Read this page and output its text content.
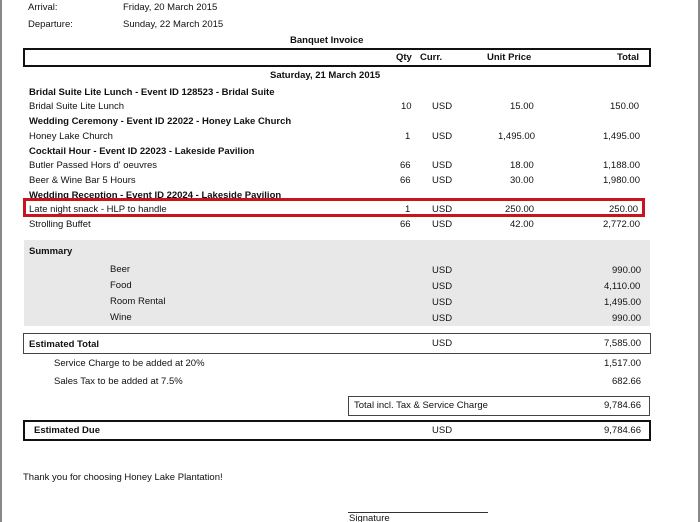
Arrival:	Friday, 20 March 2015
Departure:	Sunday, 22 March 2015
Banquet Invoice
Qty Curr.	Unit Price	Total
Saturday, 21 March 2015
Bridal Suite Lite Lunch - Event ID 128523 - Bridal Suite
Bridal Suite Lite Lunch	10 USD	15.00	150.00
Wedding Ceremony - Event ID 22022 - Honey Lake Church
Honey Lake Church	1 USD	1,495.00	1,495.00
Cocktail Hour - Event ID 22023 - Lakeside Pavilion
Butler Passed Hors d' oeuvres	66 USD	18.00	1,188.00
Beer & Wine Bar 5 Hours	66 USD	30.00	1,980.00
Wedding Reception - Event ID 22024 - Lakeside Pavilion
Late night snack - HLP to handle	1 USD	250.00	250.00
Strolling Buffet	66 USD	42.00	2,772.00
Summary
Beer	USD	990.00
Food	USD	4,110.00
Room Rental	USD	1,495.00
Wine	USD	990.00
Estimated Total	USD	7,585.00
Service Charge to be added at 20%	1,517.00
Sales Tax to be added at 7.5%	682.66
Total incl. Tax & Service Charge	9,784.66
Estimated Due	USD	9,784.66
Thank you for choosing Honey Lake Plantation!
Signature
